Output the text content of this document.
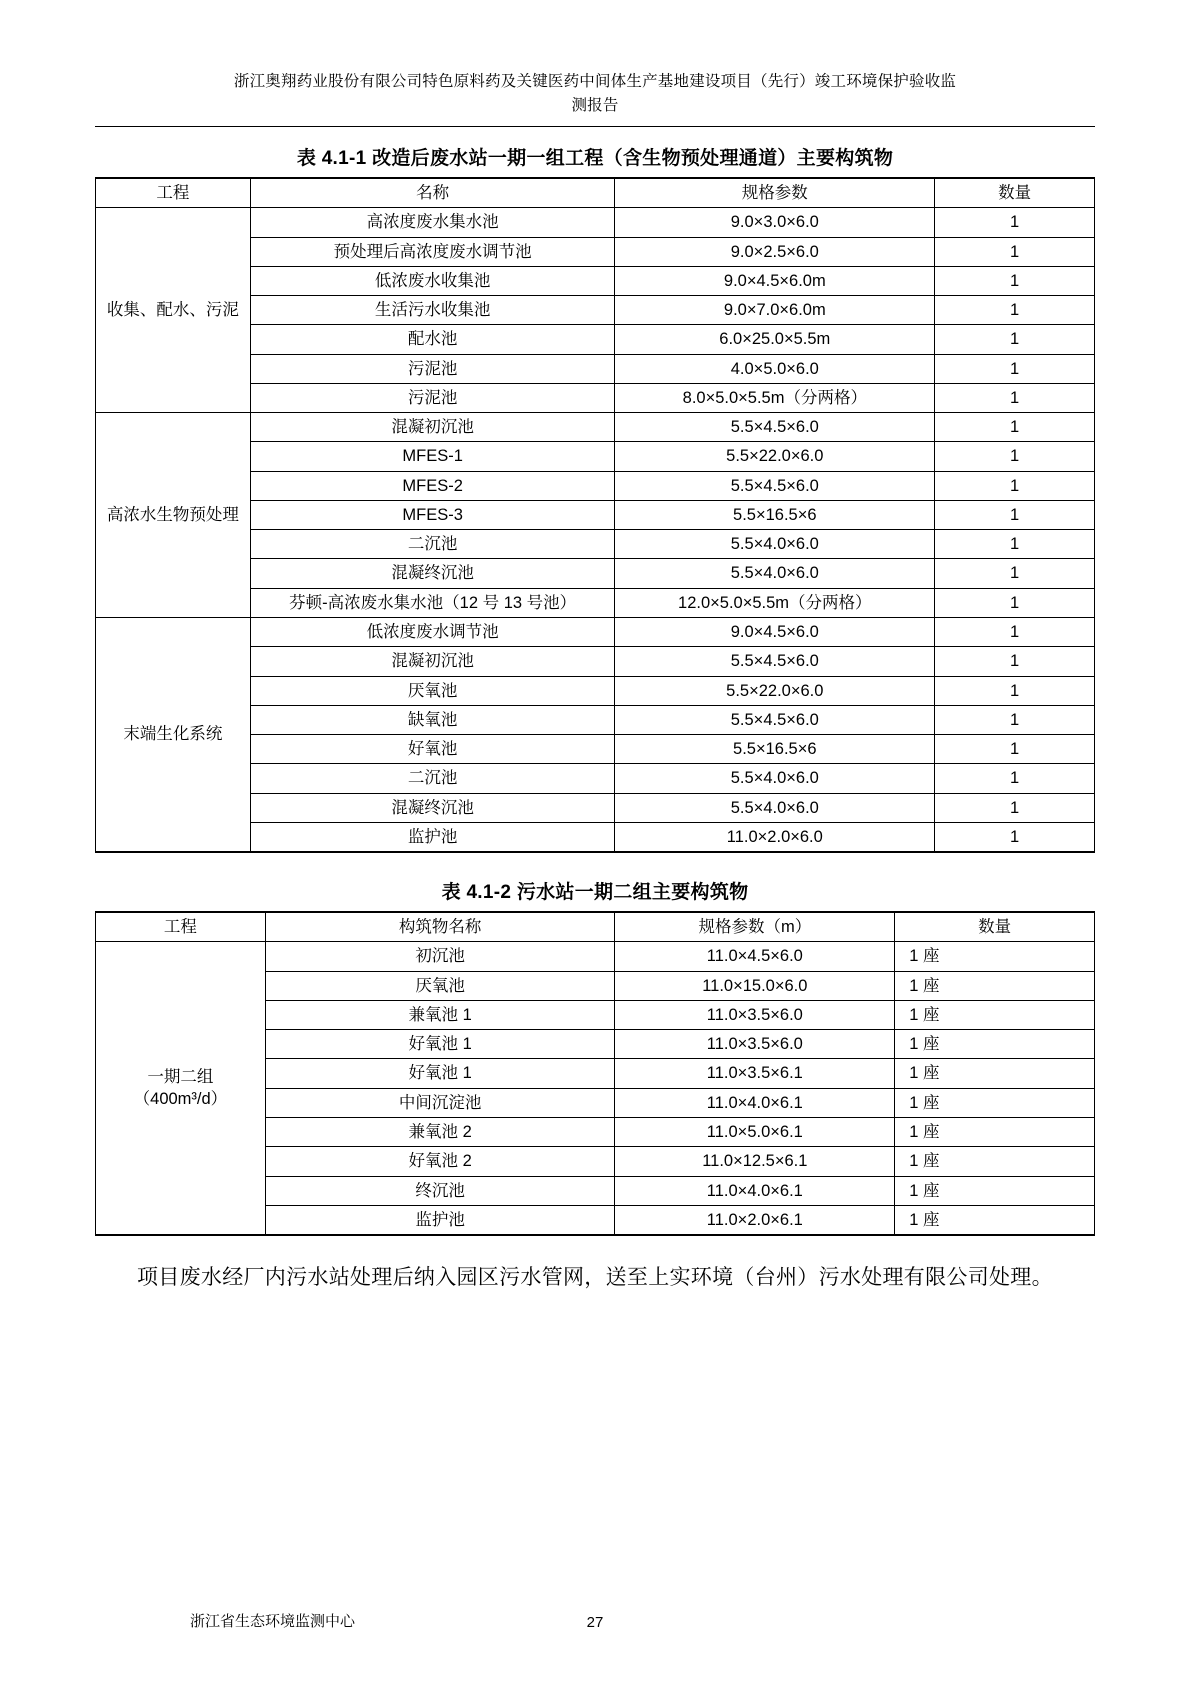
浙江奥翔药业股份有限公司特色原料药及关键医药中间体生产基地建设项目（先行）竣工环境保护验收监
测报告
表 4.1-1 改造后废水站一期一组工程（含生物预处理通道）主要构筑物
工程	名称	规格参数	数量
收集、配水、污泥	高浓度废水集水池	9.0×3.0×6.0	1
	预处理后高浓度废水调节池	9.0×2.5×6.0	1
	低浓废水收集池	9.0×4.5×6.0m	1
	生活污水收集池	9.0×7.0×6.0m	1
	配水池	6.0×25.0×5.5m	1
	污泥池	4.0×5.0×6.0	1
	污泥池	8.0×5.0×5.5m（分两格）	1
高浓水生物预处理	混凝初沉池	5.5×4.5×6.0	1
	MFES-1	5.5×22.0×6.0	1
	MFES-2	5.5×4.5×6.0	1
	MFES-3	5.5×16.5×6	1
	二沉池	5.5×4.0×6.0	1
	混凝终沉池	5.5×4.0×6.0	1
	芬顿-高浓废水集水池（12 号 13 号池）	12.0×5.0×5.5m（分两格）	1
末端生化系统	低浓度废水调节池	9.0×4.5×6.0	1
	混凝初沉池	5.5×4.5×6.0	1
	厌氧池	5.5×22.0×6.0	1
	缺氧池	5.5×4.5×6.0	1
	好氧池	5.5×16.5×6	1
	二沉池	5.5×4.0×6.0	1
	混凝终沉池	5.5×4.0×6.0	1
	监护池	11.0×2.0×6.0	1
表 4.1-2 污水站一期二组主要构筑物
工程	构筑物名称	规格参数（m）	数量

一期二组
（400m³/d）	初沉池	11.0×4.5×6.0	1 座
	厌氧池	11.0×15.0×6.0	1 座
	兼氧池 1	11.0×3.5×6.0	1 座
	好氧池 1	11.0×3.5×6.0	1 座
	好氧池 1	11.0×3.5×6.1	1 座
	中间沉淀池	11.0×4.0×6.1	1 座
	兼氧池 2	11.0×5.0×6.1	1 座
	好氧池 2	11.0×12.5×6.1	1 座
	终沉池	11.0×4.0×6.1	1 座
	监护池	11.0×2.0×6.1	1 座
项目废水经厂内污水站处理后纳入园区污水管网，送至上实环境（台州）污水处理有限公司处理。
浙江省生态环境监测中心	27
